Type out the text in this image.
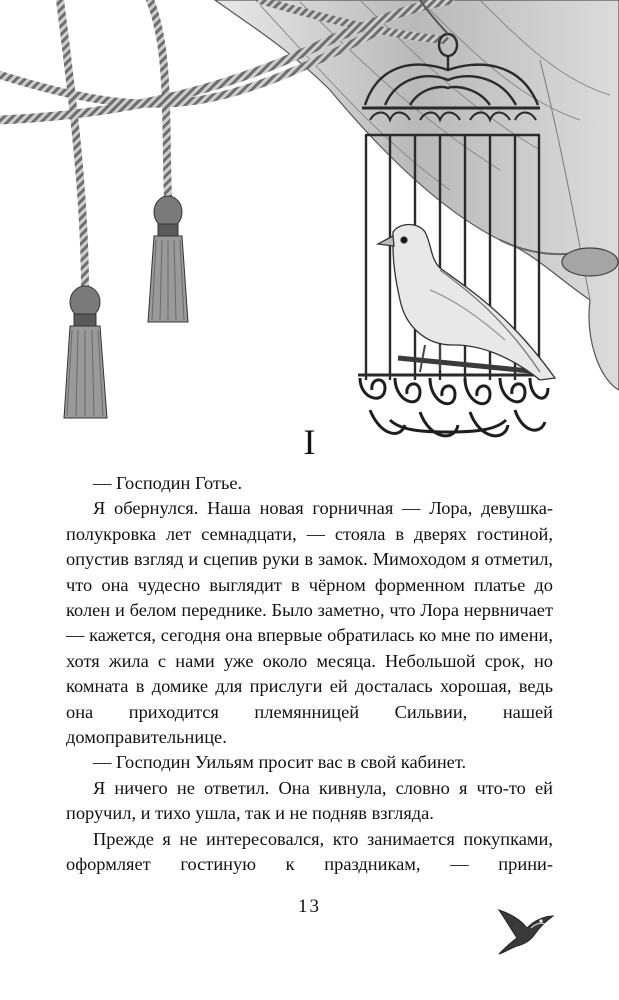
I

— Господин Готье.

Я обернулся. Наша новая горничная — Лора, девушка-полукровка лет семнадцати, — стояла в дверях гостиной, опустив взгляд и сцепив руки в замок. Мимоходом я отметил, что она чудесно выглядит в чёрном форменном платье до колен и белом переднике. Было заметно, что Лора нервничает — кажется, сегодня она впервые обратилась ко мне по имени, хотя жила с нами уже около месяца. Небольшой срок, но комната в домике для прислуги ей досталась хорошая, ведь она приходится племянницей Сильвии, нашей домоправительнице.

— Господин Уильям просит вас в свой кабинет.

Я ничего не ответил. Она кивнула, словно я что-то ей поручил, и тихо ушла, так и не подняв взгляда.

Прежде я не интересовался, кто занимается покупками, оформляет гостиную к праздникам, — прини-

13
